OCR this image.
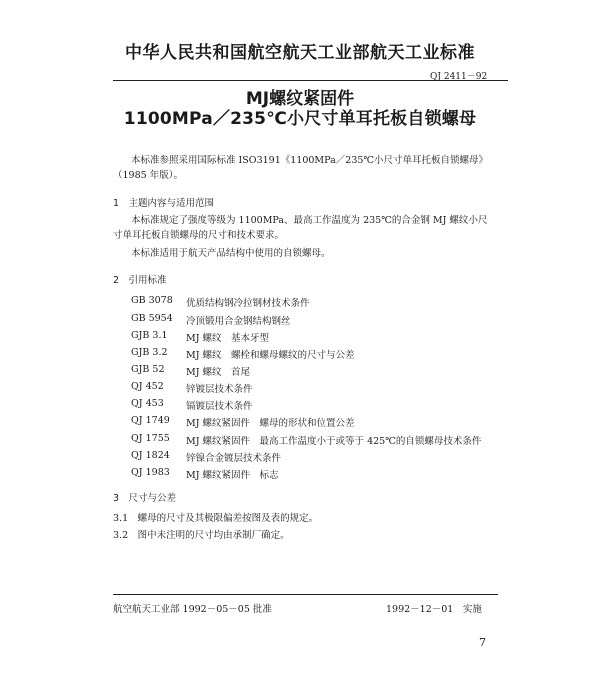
中华人民共和国航空航天工业部航天工业标准
QJ 2411－92
MJ螺纹紧固件
1100MPa／235℃小尺寸单耳托板自锁螺母
本标准参照采用国际标准 ISO3191《1100MPa／235℃小尺寸单耳托板自锁螺母》
（1985 年版）。
1　主题内容与适用范围
本标准规定了强度等级为 1100MPa、最高工作温度为 235℃的合金钢 MJ 螺纹小尺
寸单耳托板自锁螺母的尺寸和技术要求。
本标准适用于航天产品结构中使用的自锁螺母。
2　引用标准
GB 3078 优质结构钢冷拉钢材技术条件
GB 5954 冷顶锻用合金钢结构钢丝
GJB 3.1 MJ 螺纹　基本牙型
GJB 3.2 MJ 螺纹　螺栓和螺母螺纹的尺寸与公差
GJB 52 MJ 螺纹　首尾
QJ 452 锌镀层技术条件
QJ 453 镉镀层技术条件
QJ 1749 MJ 螺纹紧固件　螺母的形状和位置公差
QJ 1755 MJ 螺纹紧固件　最高工作温度小于或等于 425℃的自锁螺母技术条件
QJ 1824 锌镍合金镀层技术条件
QJ 1983 MJ 螺纹紧固件　标志
3　尺寸与公差
3.1　螺母的尺寸及其极限偏差按图及表的规定。
3.2　图中未注明的尺寸均由承制厂确定。
航空航天工业部 1992－05－05 批准	1992－12－01　实施
7
